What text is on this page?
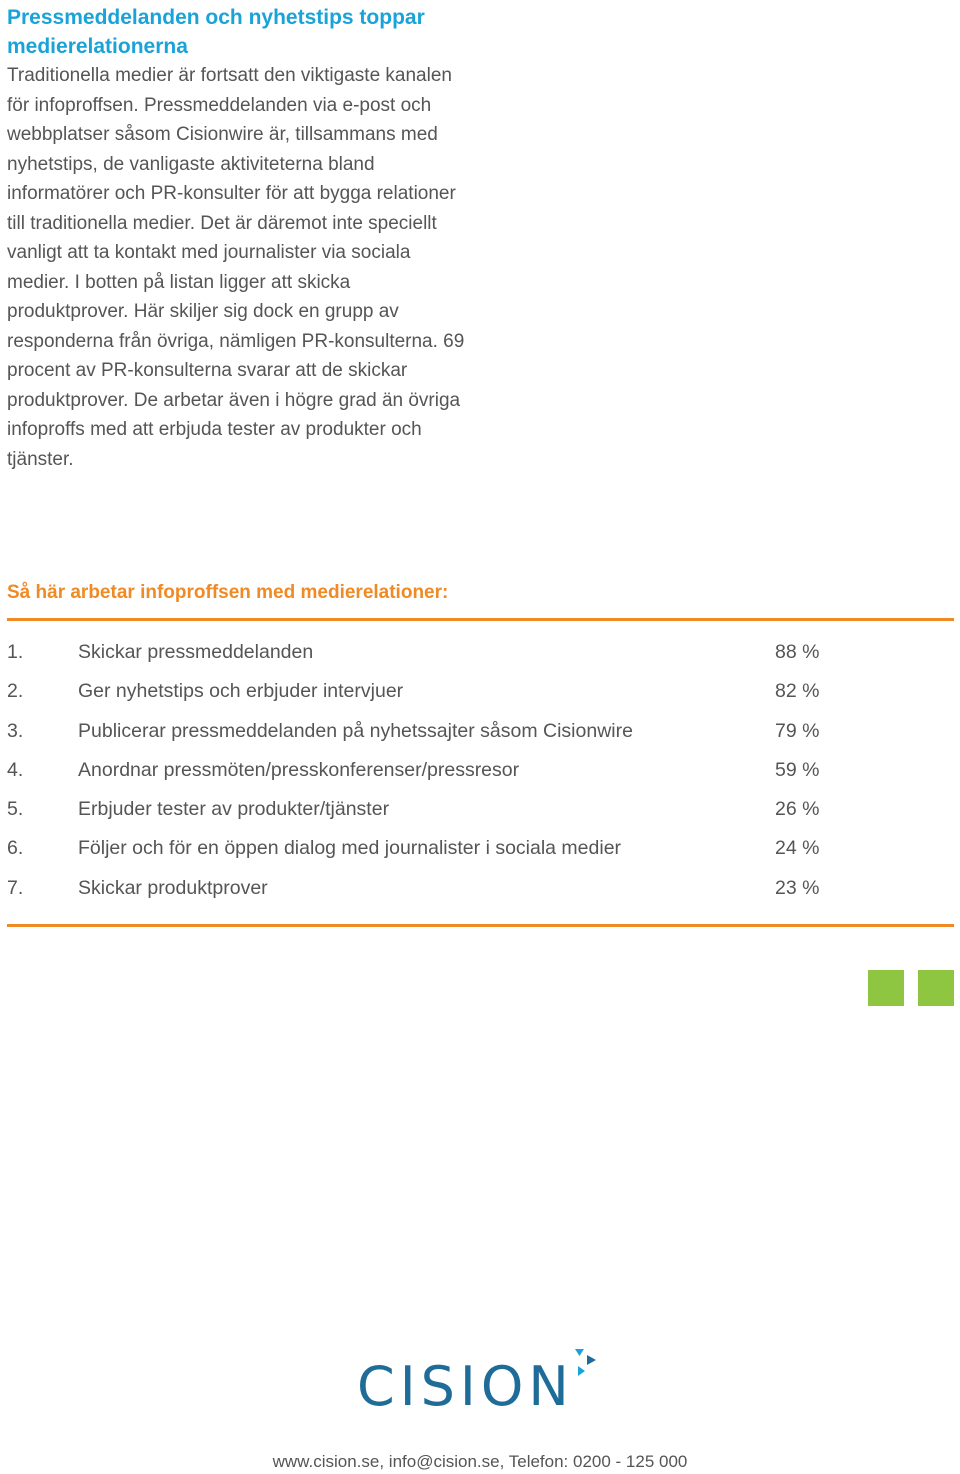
Pressmeddelanden och nyhetstips toppar medierelationerna

Traditionella medier är fortsatt den viktigaste kanalen för infoproffsen. Pressmeddelanden via e-post och webbplatser såsom Cisionwire är, tillsammans med nyhetstips, de vanligaste aktiviteterna bland informatörer och PR-konsulter för att bygga relationer till traditionella medier. Det är däremot inte speciellt vanligt att ta kontakt med journalister via sociala medier. I botten på listan ligger att skicka produktprover. Här skiljer sig dock en grupp av responderna från övriga, nämligen PR-konsulterna. 69 procent av PR-konsulterna svarar att de skickar produktprover. De arbetar även i högre grad än övriga infoproffs med att erbjuda tester av produkter och tjänster.

Så här arbetar infoproffsen med medierelationer:
1.	Skickar pressmeddelanden	88 %
2.	Ger nyhetstips och erbjuder intervjuer	82 %
3.	Publicerar pressmeddelanden på nyhetssajter såsom Cisionwire	79 %
4.	Anordnar pressmöten/presskonferenser/pressresor	59 %
5.	Erbjuder tester av produkter/tjänster	26 %
6.	Följer och för en öppen dialog med journalister i sociala medier	24 %
7.	Skickar produktprover	23 %
CISION
www.cision.se, info@cision.se, Telefon: 0200 - 125 000
